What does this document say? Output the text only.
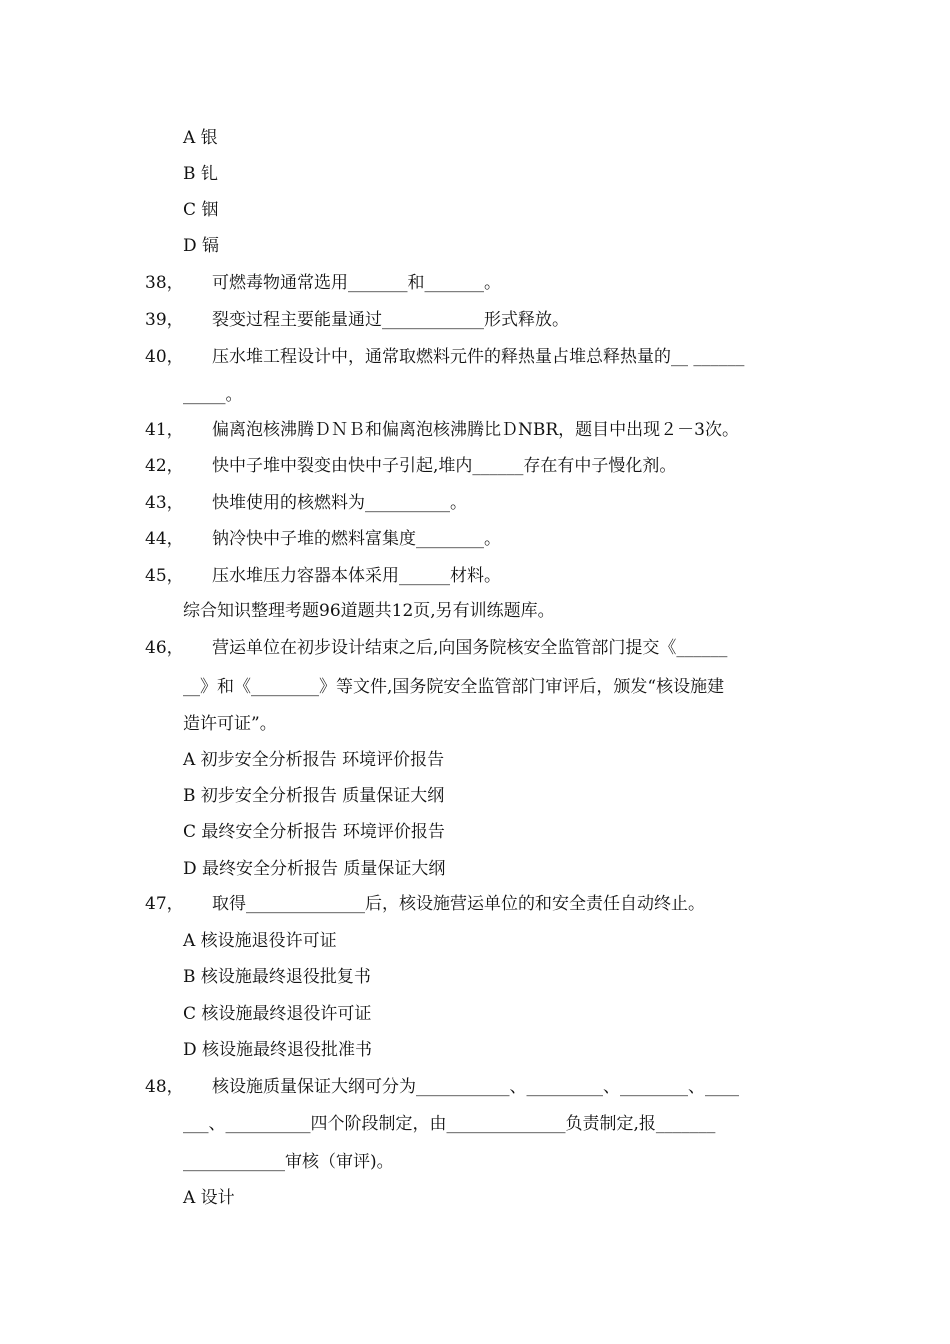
A 银
B 钆
C 铟
D 镉
38， 可燃毒物通常选用_______和_______。
39， 裂变过程主要能量通过____________形式释放。
40， 压水堆工程设计中，通常取燃料元件的释热量占堆总释热量的__ ______
_____。
41， 偏离泡核沸腾ＤＮＢ和偏离泡核沸腾比ＤNBR，题目中出现２－3次。
42， 快中子堆中裂变由快中子引起,堆内______存在有中子慢化剂。
43， 快堆使用的核燃料为__________。
44， 钠冷快中子堆的燃料富集度________。
45， 压水堆压力容器本体采用______材料。
综合知识整理考题96道题共12页,另有训练题库。
46， 营运单位在初步设计结束之后,向国务院核安全监管部门提交《______
__》和《________》等文件,国务院安全监管部门审评后，颁发“核设施建
造许可证”。
A 初步安全分析报告 环境评价报告
B 初步安全分析报告 质量保证大纲
C 最终安全分析报告 环境评价报告
D 最终安全分析报告 质量保证大纲
47， 取得______________后，核设施营运单位的和安全责任自动终止。
A 核设施退役许可证
B 核设施最终退役批复书
C 核设施最终退役许可证
D 核设施最终退役批准书
48， 核设施质量保证大纲可分为___________、_________、________、____
___、__________四个阶段制定，由______________负责制定,报_______
____________审核（审评)。
A 设计
